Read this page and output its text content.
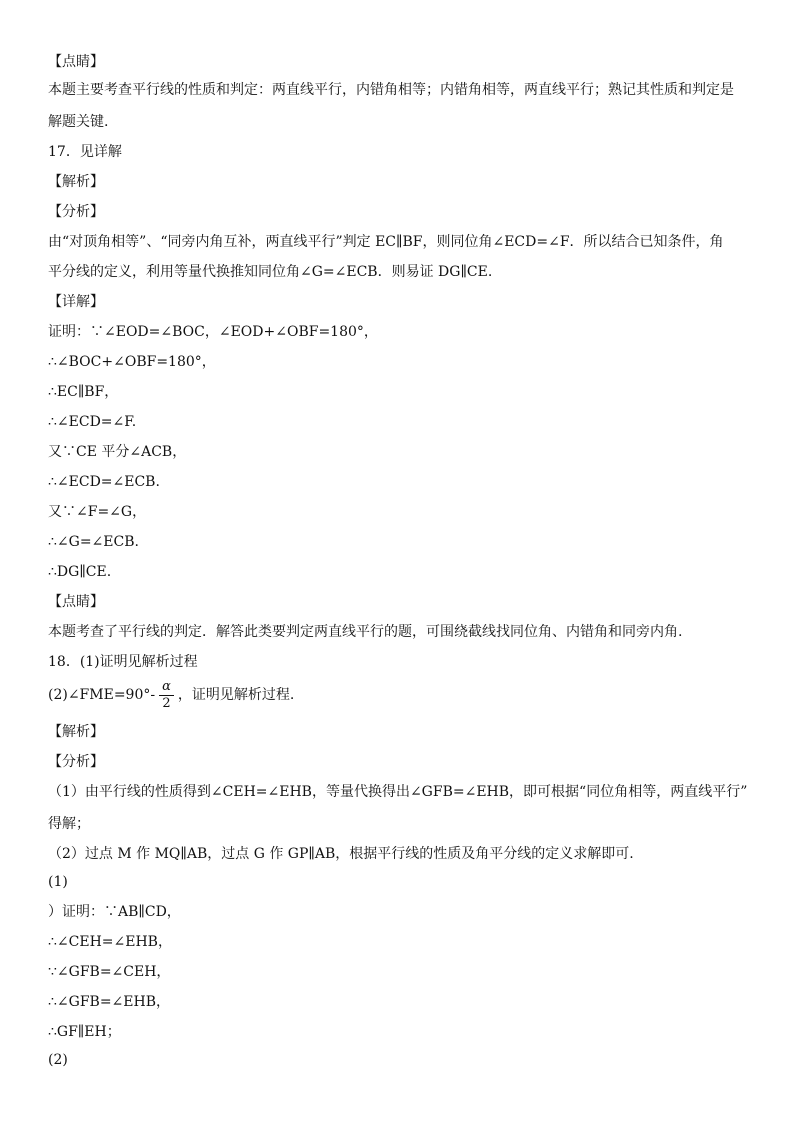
【点睛】
本题主要考查平行线的性质和判定：两直线平行，内错角相等；内错角相等，两直线平行；熟记其性质和判定是
解题关键.
17．见详解
【解析】
【分析】
由“对顶角相等”、“同旁内角互补，两直线平行”判定 EC∥BF，则同位角∠ECD=∠F．所以结合已知条件，角
平分线的定义，利用等量代换推知同位角∠G=∠ECB．则易证 DG∥CE.
【详解】
证明：∵∠EOD=∠BOC，∠EOD+∠OBF=180°，
∴∠BOC+∠OBF=180°，
∴EC∥BF，
∴∠ECD=∠F.
又∵CE 平分∠ACB，
∴∠ECD=∠ECB.
又∵∠F=∠G，
∴∠G=∠ECB.
∴DG∥CE.
【点睛】
本题考查了平行线的判定．解答此类要判定两直线平行的题，可围绕截线找同位角、内错角和同旁内角.
18．(1)证明见解析过程
(2)∠FME=90°- $\frac{\alpha}{2}$ ，证明见解析过程.
【解析】
【分析】
（1）由平行线的性质得到∠CEH=∠EHB，等量代换得出∠GFB=∠EHB，即可根据“同位角相等，两直线平行”
得解；
（2）过点 M 作 MQ∥AB，过点 G 作 GP∥AB，根据平行线的性质及角平分线的定义求解即可.
(1)
）证明：∵AB∥CD，
∴∠CEH=∠EHB，
∵∠GFB=∠CEH，
∴∠GFB=∠EHB，
∴GF∥EH；
(2)
